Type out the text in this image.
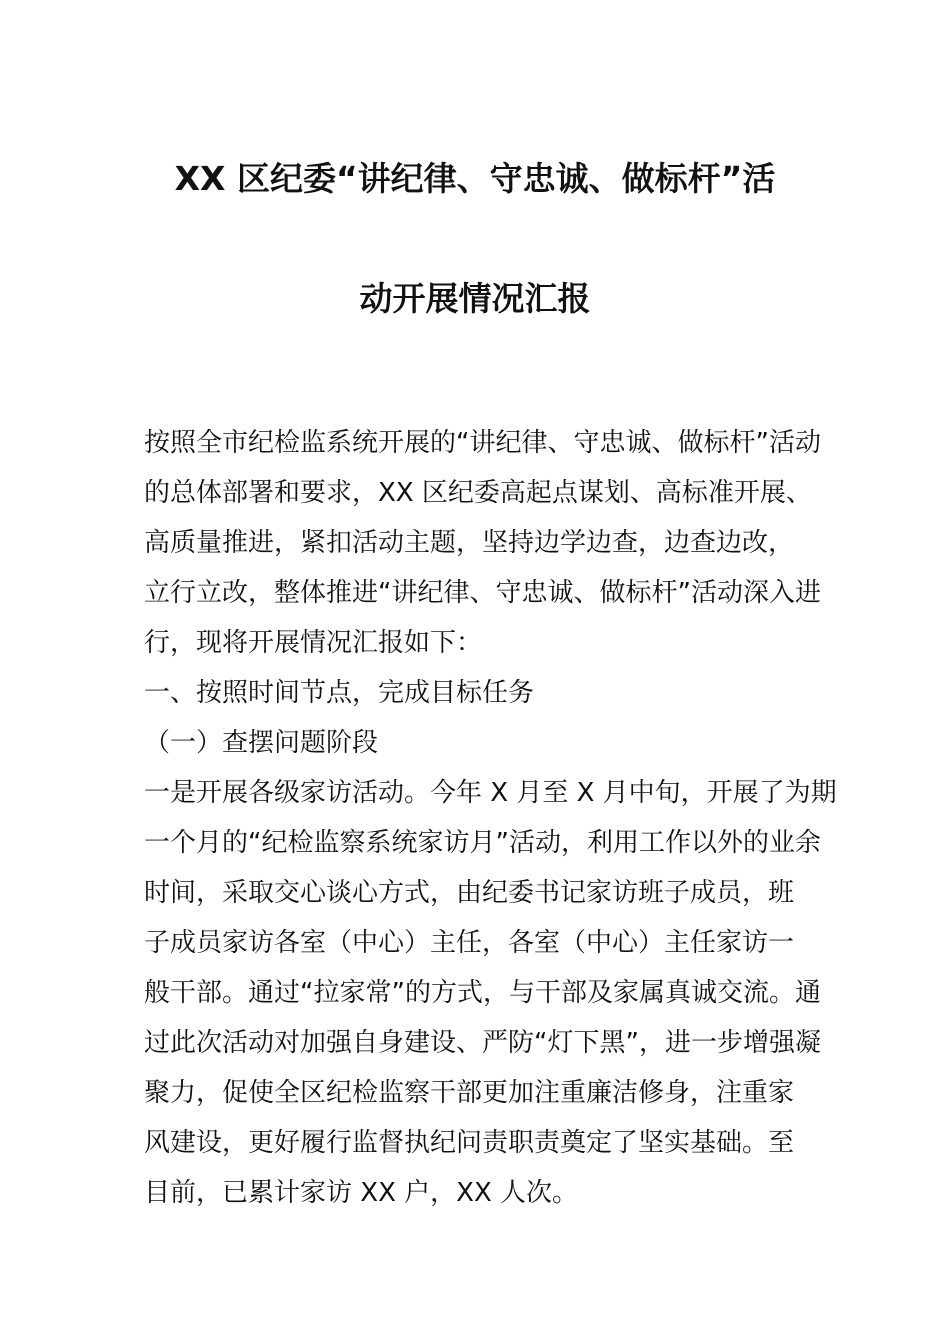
XX 区纪委“讲纪律、守忠诚、做标杆”活
动开展情况汇报
按照全市纪检监系统开展的“讲纪律、守忠诚、做标杆”活动
的总体部署和要求，XX 区纪委高起点谋划、高标准开展、
高质量推进，紧扣活动主题，坚持边学边查，边查边改，
立行立改，整体推进“讲纪律、守忠诚、做标杆”活动深入进
行，现将开展情况汇报如下：
一、按照时间节点，完成目标任务
（一）查摆问题阶段
一是开展各级家访活动。今年 X 月至 X 月中旬，开展了为期
一个月的“纪检监察系统家访月”活动，利用工作以外的业余
时间，采取交心谈心方式，由纪委书记家访班子成员，班
子成员家访各室（中心）主任，各室（中心）主任家访一
般干部。通过“拉家常”的方式，与干部及家属真诚交流。通
过此次活动对加强自身建设、严防“灯下黑”，进一步增强凝
聚力，促使全区纪检监察干部更加注重廉洁修身，注重家
风建设，更好履行监督执纪问责职责奠定了坚实基础。至
目前，已累计家访 XX 户，XX 人次。
